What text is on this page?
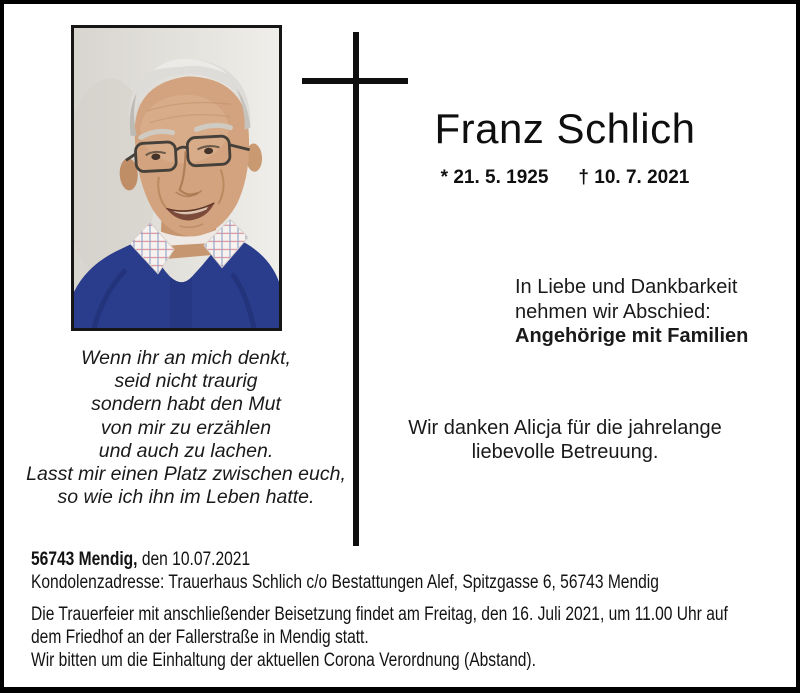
Franz Schlich
* 21. 5. 1925 † 10. 7. 2021
In Liebe und Dankbarkeit
nehmen wir Abschied:
Angehörige mit Familien
Wir danken Alicja für die jahrelange
liebevolle Betreuung.
Wenn ihr an mich denkt,
seid nicht traurig
sondern habt den Mut
von mir zu erzählen
und auch zu lachen.
Lasst mir einen Platz zwischen euch,
so wie ich ihn im Leben hatte.
56743 Mendig, den 10.07.2021
Kondolenzadresse: Trauerhaus Schlich c/o Bestattungen Alef, Spitzgasse 6, 56743 Mendig
Die Trauerfeier mit anschließender Beisetzung findet am Freitag, den 16. Juli 2021, um 11.00 Uhr auf
dem Friedhof an der Fallerstraße in Mendig statt.
Wir bitten um die Einhaltung der aktuellen Corona Verordnung (Abstand).
